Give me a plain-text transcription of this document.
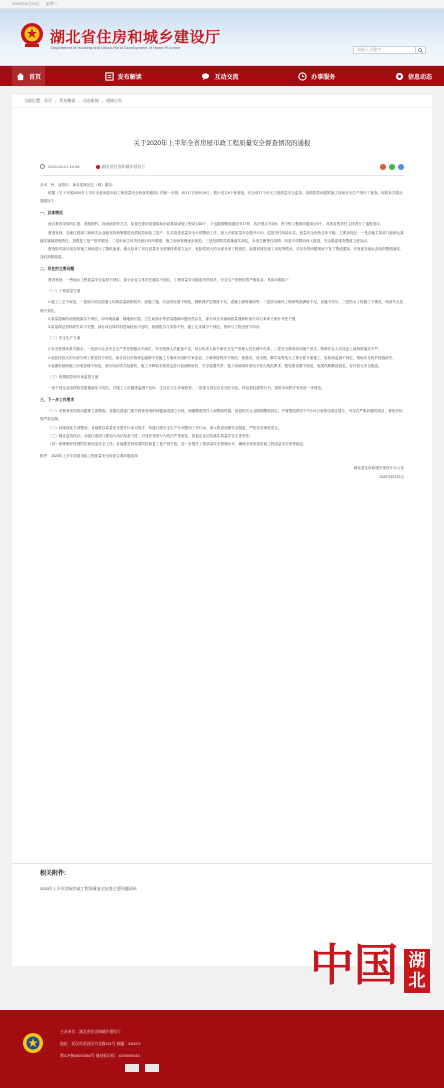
2020年6月23日 星期二
湖北省住房和城乡建设厅
Department of Housing and Urban-Rural Development of Hubei Province	请输入关键字
首页	发布解读	互动交流	办事服务	信息动态
当前位置： 首页 › 发布解读 › 动态新闻 › 通知公告
关于2020年上半年全省房屋市政工程质量安全督查情况的通报
2020-06-23 14:58	湖北省住房和城乡建设厅

各市、州、直管市、神农架林区住（城）建局:

根据《关于开展2020年上半年全省房屋市政工程质量安全督查的通知》的统一安排，5月17日至6月9日，我厅成立6个督查组，对全省17个市区工程质量安全监管、疫情防控和建筑施工现场安全生产进行了督查。现将有关情况通报如下：

一、总体情况

此次督查采取听汇报、查阅资料、现场抽查等方式，检查在建房屋建筑和市政基础设施工程项目83个、下达限期整改通知书17份、执法建议书3份，责令停工整改问题项目5个，对涉及的责任主体进行了通报批评。

督查发现，各地住建部门和相关企业能坚持统筹推进疫情防控和复工复产，扎实推进质量安全专项整治工作，深入开展质量安全提升行动，监管责任持续压实，质量安全形势总体平稳。主要表现在：一是各地主管部门能够认真落实属地管理责任，加强复工复产指导服务；二是市场主体责任意识有所增强，施工现场管理逐步规范；三是疫情防控措施落实到位，未发生聚集性疫情；四是专项整治深入推进，安全隐患排查整改力度加大。

督查组对部分项目的施工现场进行了随机抽查，重点检查了项目质量安全管理体系建立运行、危险性较大的分部分项工程管控、起重机械及施工用电等情况，对存在的问题现场下发了整改通知，并督促各地认真组织整改落实，及时消除隐患。

二、存在的主要问题

督查发现，一些地区工程质量安全监管不到位，部分企业主体责任落实不到位，工程质量安全隐患仍然较多，安全生产形势依然严峻复杂。具体问题如下：

（一）工程质量方面

1.施工工艺不规范。一是部分项目混凝土结构质量缺陷较多，如施工缝、后浇带处理不规范，钢筋保护层厚度不足，混凝土蜂窝麻面等；二是部分砌体工程砂浆饱满度不足，灰缝不均匀；三是防水工程施工不规范，细部节点处理不到位。

2.质量通病防治措施落实不到位。如外墙渗漏、楼地面开裂、卫生间渗水等质量通病问题仍然存在，部分项目未编制质量通病防治专项方案或方案针对性不强。

3.质量保证资料缺失或不完整。部分项目原材料进场检验不及时，检测报告与实物不符，施工记录填写不规范，资料与工程进度不同步。

（二）安全生产方面

1.安全管理体系不健全。一是部分企业安全生产责任制落实不到位，安全管理人员配备不足，项目负责人和专职安全生产管理人员长期不在岗；二是安全教育培训流于形式，特种作业人员持证上岗制度落实不严。

2.危险性较大的分部分项工程管控不到位。部分项目未按规定编制专项施工方案或未组织专家论证，方案审批程序不规范；深基坑、高支模、脚手架等危大工程未按方案施工，验收和监测不到位，现场安全防护措施缺失。

3.起重机械和施工用电管理不规范。部分项目塔式起重机、施工升降机未按规定进行检测和验收，安全装置失效；施工现场临时用电不符合规范要求，配电箱设置不规范，电缆线路敷设混乱，存在较大安全隐患。

（三）疫情防控和市场监管方面

一是个别企业疫情防控措施落实不到位，对施工人员健康监测不及时，生活区卫生环境较差；二是部分项目存在违法分包、转包和挂靠等行为，建筑市场秩序有待进一步规范。

三、下一步工作要求

（一）对督查发现的问题要立即整改。各级住建部门要对督查发现的问题逐项建立台账，明确整改责任人和整改时限，督促相关企业限期整改到位，并将整改情况于7月10日前报送省住建厅。对存在严重问题的项目，要依法依规严肃处理。

（二）持续深化专项整治。各地要以质量安全提升行动为抓手，持续开展安全生产专项整治三年行动，深入排查治理安全隐患，严防各类事故发生。

（三）强化监管执法。各级住建部门要加大执法检查力度，对违法违规行为依法严肃查处，督促企业切实落实质量安全主体责任。

（四）统筹做好疫情防控和质量安全工作。各地要坚持疫情防控和复工复产两手抓，进一步提升工程质量安全管理水平，确保全省房屋市政工程质量安全形势稳定。

附件：2020年上半年房屋市政工程质量安全检查主要问题清单

湖北省住房和城乡建设厅办公室

2020年6月22日

相关附件:
2020年上半年房屋市政工程质量安全检查主要问题清单
中国 湖北
主办单位：湖北省住房和城乡建设厅
地址：武汉市武昌区中北路101号 邮编：430071
鄂ICP备05003364号 网站标识码：4200000043
